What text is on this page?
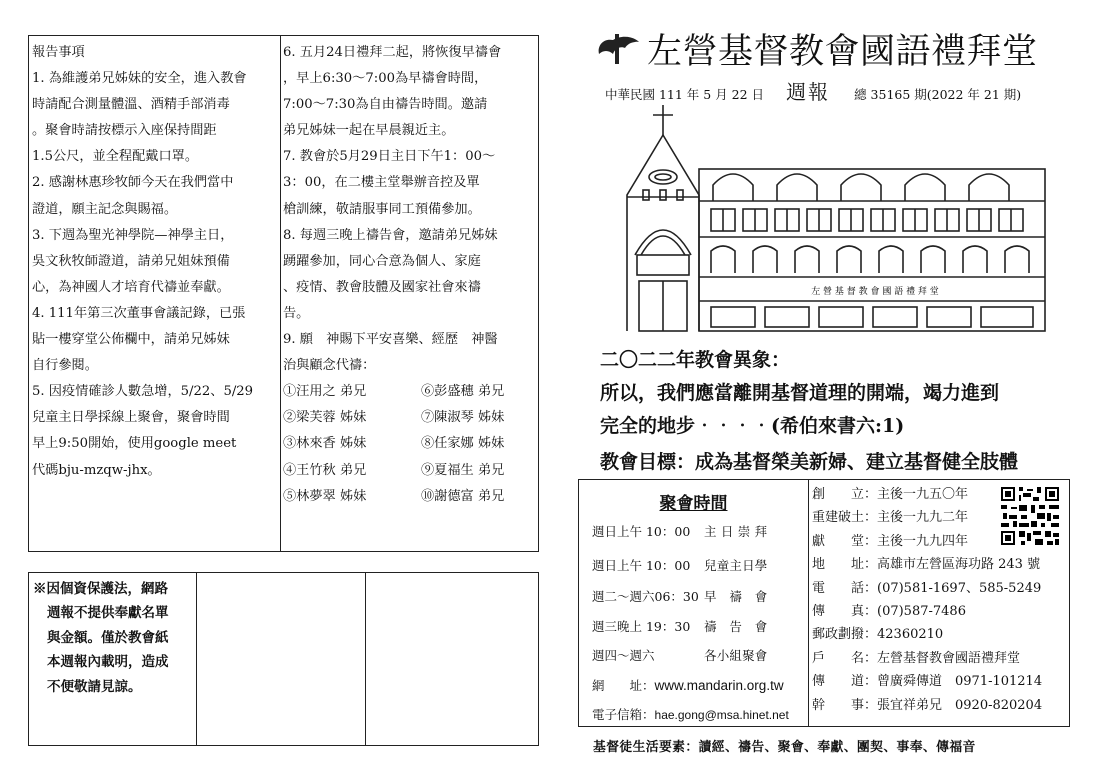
報告事項
1. 為維護弟兄姊妹的安全，進入教會
時請配合測量體溫、酒精手部消毒
。聚會時請按標示入座保持間距
1.5公尺，並全程配戴口罩。
2. 感謝林惠珍牧師今天在我們當中
證道，願主記念與賜福。
3. 下週為聖光神學院—神學主日，
吳文秋牧師證道，請弟兄姐妹預備
心，為神國人才培育代禱並奉獻。
4. 111年第三次董事會議記錄，已張
貼一樓穿堂公佈欄中，請弟兄姊妹
自行參閱。
5. 因疫情確診人數急增，5/22、5/29
兒童主日學採線上聚會，聚會時間
早上9:50開始，使用google meet
代碼bju-mzqw-jhx。
6. 五月24日禮拜二起，將恢復早禱會
，早上6:30～7:00為早禱會時間，
7:00～7:30為自由禱告時間。邀請
弟兄姊妹一起在早晨親近主。
7. 教會於5月29日主日下午1：00～
3：00，在二樓主堂舉辦音控及單
槍訓練，敬請服事同工預備參加。
8. 每週三晚上禱告會，邀請弟兄姊妹
踴躍參加，同心合意為個人、家庭
、疫情、教會肢體及國家社會來禱
告。
9. 願　神賜下平安喜樂、經歷　神醫
治與顧念代禱：
①汪用之 弟兄	⑥彭盛穗 弟兄
②梁芙蓉 姊妹	⑦陳淑琴 姊妹
③林來香 姊妹	⑧任家娜 姊妹
④王竹秋 弟兄	⑨夏福生 弟兄
⑤林夢翠 姊妹	⑩謝德富 弟兄
※因個資保護法，網路
週報不提供奉獻名單
與金額。僅於教會紙
本週報內載明，造成
不便敬請見諒。
左營基督教會國語禮拜堂
中華民國 111 年 5 月 22 日 週報 總 35165 期(2022 年 21 期)
左 營 基 督 教 會 國 語 禮 拜 堂
二〇二二年教會異象：
所以，我們應當離開基督道理的開端，竭力進到
完全的地步‧‧‧‧(希伯來書六:1)
教會目標：成為基督榮美新婦、建立基督健全肢體
聚會時間
週日上午 10：00 主 日 崇 拜
週日上午 10：00 兒童主日學
週二～週六06：30 早　禱　會
週三晚上 19：30 禱　告　會
週四～週六	各小組聚會
網　　址：www.mandarin.org.tw
電子信箱：hae.gong@msa.hinet.net
創　　立：主後一九五〇年
重建破土：主後一九九二年
獻　　堂：主後一九九四年
地　　址：高雄市左營區海功路 243 號
電　　話：(07)581-1697、585-5249
傳　　真：(07)587-7486
郵政劃撥：42360210
戶　　名：左營基督教會國語禮拜堂
傳　　道：曾廣舜傳道　0971-101214
幹　　事：張宜祥弟兄　0920-820204
基督徒生活要素：讀經、禱告、聚會、奉獻、團契、事奉、傳福音
